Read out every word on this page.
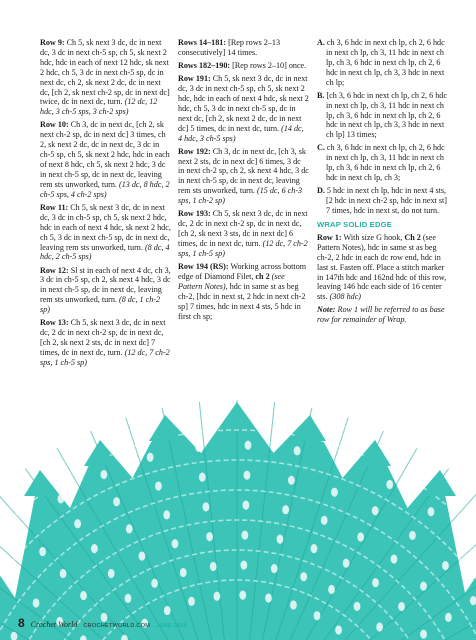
Row 9: Ch 5, sk next 3 dc, dc in next dc, 3 dc in next ch-5 sp, ch 5, sk next 2 hdc, hdc in each of next 12 hdc, sk next 2 hdc, ch 5, 3 dc in next ch-5 sp, dc in next dc, ch 2, sk next 2 dc, dc in next dc, [ch 2, sk next ch-2 sp, dc in next dc] twice, dc in next dc, turn. (12 dc, 12 hdc, 3 ch-5 sps, 3 ch-2 sps)

Row 10: Ch 3, dc in next dc, [ch 2, sk next ch-2 sp, dc in next dc] 3 times, ch 2, sk next 2 dc, dc in next dc, 3 dc in ch-5 sp, ch 5, sk next 2 hdc, hdc in each of next 8 hdc, ch 5, sk next 2 hdc, 3 dc in next ch-5 sp, dc in next dc, leaving rem sts unworked, turn. (13 dc, 8 hdc, 2 ch-5 sps, 4 ch-2 sps)

Row 11: Ch 5, sk next 3 dc, dc in next dc, 3 dc in ch-5 sp, ch 5, sk next 2 hdc, hdc in each of next 4 hdc, sk next 2 hdc, ch 5, 3 dc in next ch-5 sp, dc in next dc, leaving rem sts unworked, turn. (8 dc, 4 hdc, 2 ch-5 sps)

Row 12: Sl st in each of next 4 dc, ch 3, 3 dc in ch-5 sp, ch 2, sk next 4 hdc, 3 dc in next ch-5 sp, dc in next dc, leaving rem sts unworked, turn. (8 dc, 1 ch-2 sp)

Row 13: Ch 5, sk next 3 dc, dc in next dc, 2 dc in next ch-2 sp, dc in next dc, [ch 2, sk next 2 sts, dc in next dc] 7 times, dc in next dc, turn. (12 dc, 7 ch-2 sps, 1 ch-5 sp)

Rows 14–181: [Rep rows 2–13 consecutively] 14 times.

Rows 182–190: [Rep rows 2–10] once.

Row 191: Ch 5, sk next 3 dc, dc in next dc, 3 dc in next ch-5 sp, ch 5, sk next 2 hdc, hdc in each of next 4 hdc, sk next 2 hdc, ch 5, 3 dc in next ch-5 sp, dc in next dc, [ch 2, sk next 2 dc, dc in next dc] 5 times, dc in next dc, turn. (14 dc, 4 hdc, 3 ch-5 sps)

Row 192: Ch 3, dc in next dc, [ch 3, sk next 2 sts, dc in next dc] 6 times, 3 dc in next ch-2 sp, ch 2, sk next 4 hdc, 3 dc in next ch-5 sp, dc in next dc, leaving rem sts unworked, turn. (15 dc, 6 ch-3 sps, 1 ch-2 sp)

Row 193: Ch 5, sk next 3 dc, dc in next dc, 2 dc in next ch-2 sp, dc in next dc, [ch 2, sk next 3 sts, dc in next dc] 6 times, dc in next dc, turn. (12 dc, 7 ch-2 sps, 1 ch-5 sp)

Row 194 (RS): Working across bottom edge of Diamond Filet, ch 2 (see Pattern Notes), hdc in same st as beg ch-2, [hdc in next st, 2 hdc in next ch-2 sp] 7 times, hdc in next 4 sts, 5 hdc in first ch sp;

A. ch 3, 6 hdc in next ch lp, ch 2, 6 hdc in next ch lp, ch 3, 11 hdc in next ch lp, ch 3, 6 hdc in next ch lp, ch 2, 6 hdc in next ch lp, ch 3, 3 hdc in next ch lp;

B. [ch 3, 6 hdc in next ch lp, ch 2, 6 hdc in next ch lp, ch 3, 11 hdc in next ch lp, ch 3, 6 hdc in next ch lp, ch 2, 6 hdc in next ch lp, ch 3, 3 hdc in next ch lp] 13 times;

C. ch 3, 6 hdc in next ch lp, ch 2, 6 hdc in next ch lp, ch 3, 11 hdc in next ch lp, ch 3, 6 hdc in next ch lp, ch 2, 6 hdc in next ch lp, ch 3;

D. 5 hdc in next ch lp, hdc in next 4 sts, [2 hdc in next ch-2 sp, hdc in next st] 7 times, hdc in next st, do not turn.

WRAP SOLID EDGE

Row 1: With size G hook, Ch 2 (see Pattern Notes), hdc in same st as beg ch-2, 2 hdc in each dc row end, hdc in last st. Fasten off. Place a stitch marker in 147th hdc and 162nd hdc of this row, leaving 146 hdc each side of 16 center sts. (308 hdc)

Note: Row 1 will be referred to as base row for remainder of Wrap.

8 Crochet World CROCHETWORLD.COM JUNE 2016
